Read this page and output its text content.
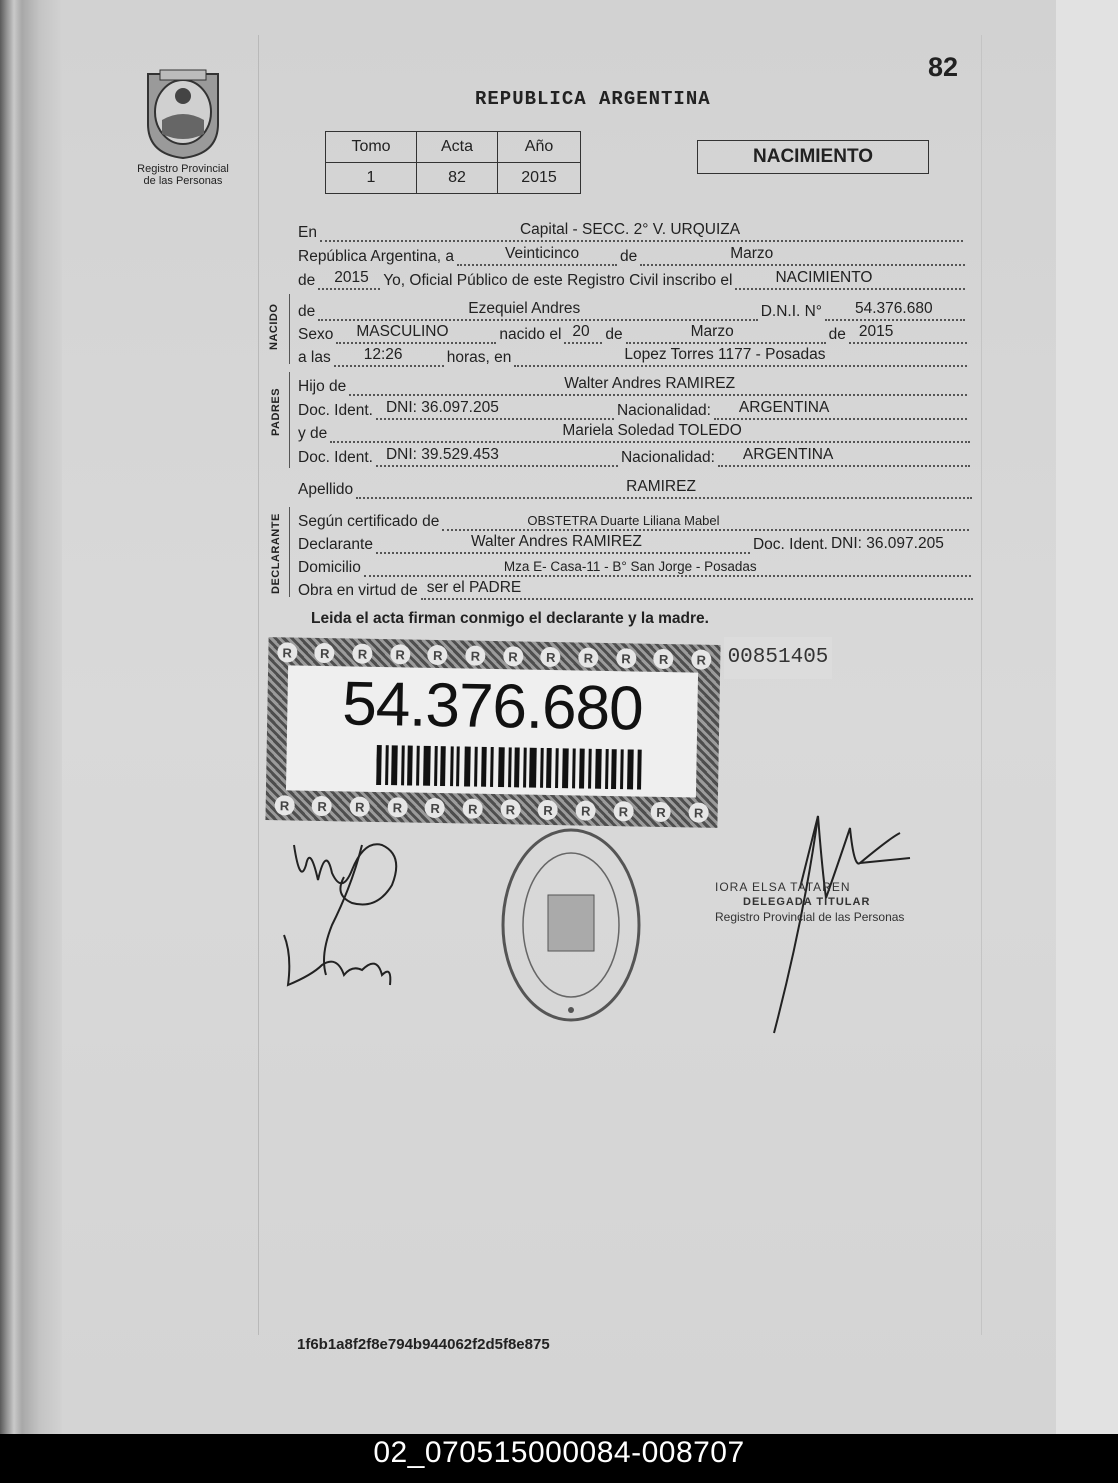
Registro Provincial
de las Personas
82
REPUBLICA ARGENTINA
Tomo	Acta	Año
1	82	2015
NACIMIENTO
En	Capital - SECC. 2° V. URQUIZA
República Argentina, a	Veinticinco	de	Marzo
de 2015 Yo, Oficial Público de este Registro Civil inscribo el	NACIMIENTO
NACIDO de	Ezequiel Andres	D.N.I. N° 54.376.680
Sexo MASCULINO	nacido el 20 de	Marzo	de 2015
a las 12:26	horas, en	Lopez Torres 1177 - Posadas
PADRES
Hijo de	Walter Andres RAMIREZ
Doc. Ident. DNI: 36.097.205	Nacionalidad: ARGENTINA
y de	Mariela Soledad TOLEDO
Doc. Ident. DNI: 39.529.453	Nacionalidad: ARGENTINA
Apellido	RAMIREZ
DECLARANTE Según certificado de	OBSTETRA Duarte Liliana Mabel
Declarante	Walter Andres RAMIREZ	Doc. Ident. DNI: 36.097.205
Domicilio	Mza E- Casa-11 - B° San Jorge - Posadas
Obra en virtud de ser el PADRE
Leida el acta firman conmigo el declarante y la madre.
R	R	R	R	R	R	R	R	R	R	R	R
54.376.680
R	R	R	R	R	R	R	R	R	R	R	R
00851405
IORA ELSA TATAREN
DELEGADA TITULAR
Registro Provincial de las Personas
1f6b1a8f2f8e794b944062f2d5f8e875
02_070515000084-008707
